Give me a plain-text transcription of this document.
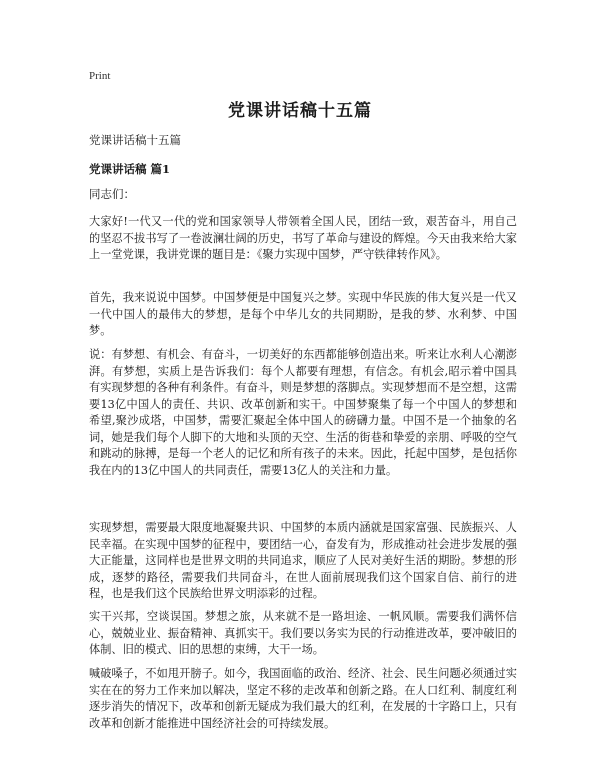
Print
党课讲话稿十五篇
党课讲话稿十五篇
党课讲话稿 篇1
同志们：
大家好!一代又一代的党和国家领导人带领着全国人民，团结一致，艰苦奋斗，用自己的坚忍不拔书写了一卷波澜壮阔的历史，书写了革命与建设的辉煌。今天由我来给大家上一堂党课，我讲党课的题目是：《聚力实现中国梦，严守铁律转作风》。
首先，我来说说中国梦。中国梦便是中国复兴之梦。实现中华民族的伟大复兴是一代又一代中国人的最伟大的梦想，是每个中华儿女的共同期盼，是我的梦、水利梦、中国梦。
说：有梦想、有机会、有奋斗，一切美好的东西都能够创造出来。听来让水利人心潮澎湃。有梦想，实质上是告诉我们：每个人都要有理想，有信念。有机会,昭示着中国具有实现梦想的各种有利条件。有奋斗，则是梦想的落脚点。实现梦想而不是空想，这需要13亿中国人的责任、共识、改革创新和实干。中国梦聚集了每一个中国人的梦想和希望,聚沙成塔，中国梦，需要汇聚起全体中国人的磅礴力量。中国不是一个抽象的名词，她是我们每个人脚下的大地和头顶的天空、生活的街巷和挚爱的亲朋、呼吸的空气和跳动的脉搏，是每一个老人的记忆和所有孩子的未来。因此，托起中国梦，是包括你我在内的13亿中国人的共同责任，需要13亿人的关注和力量。
实现梦想，需要最大限度地凝聚共识、中国梦的本质内涵就是国家富强、民族振兴、人民幸福。在实现中国梦的征程中，要团结一心，奋发有为，形成推动社会进步发展的强大正能量，这同样也是世界文明的共同追求，顺应了人民对美好生活的期盼。梦想的形成，逐梦的路径，需要我们共同奋斗，在世人面前展现我们这个国家自信、前行的进程，也是我们这个民族给世界文明添彩的过程。
实干兴邦，空谈误国。梦想之旅，从来就不是一路坦途、一帆风顺。需要我们满怀信心，兢兢业业、振奋精神、真抓实干。我们要以务实为民的行动推进改革，要冲破旧的体制、旧的模式、旧的思想的束缚，大干一场。
喊破嗓子，不如甩开膀子。如今，我国面临的政治、经济、社会、民生问题必须通过实实在在的努力工作来加以解决，坚定不移的走改革和创新之路。在人口红利、制度红利逐步消失的情况下，改革和创新无疑成为我们最大的红利，在发展的十字路口上，只有改革和创新才能推进中国经济社会的可持续发展。
